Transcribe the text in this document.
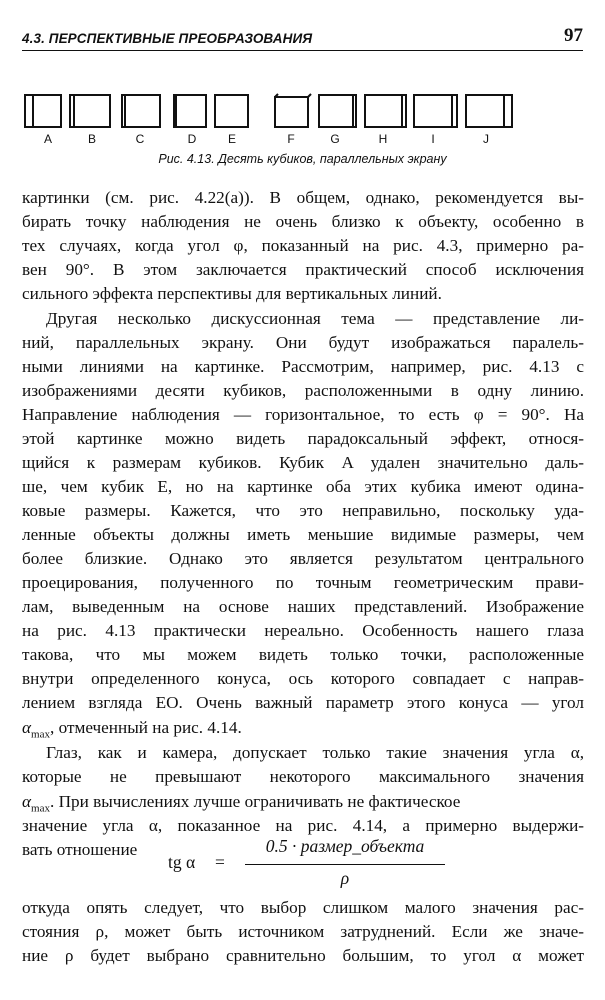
4.3. ПЕРСПЕКТИВНЫЕ ПРЕОБРАЗОВАНИЯ	97
A	B	C	D	E	F	G	H	I	J
Рис. 4.13. Десять кубиков, параллельных экрану
картинки (см. рис. 4.22(a)). В общем, однако, рекомендуется вы-
бирать точку наблюдения не очень близко к объекту, особенно в
тех случаях, когда угол φ, показанный на рис. 4.3, примерно ра-
вен 90°. В этом заключается практический способ исключения
сильного эффекта перспективы для вертикальных линий.
Другая несколько дискуссионная тема — представление ли-
ний, параллельных экрану. Они будут изображаться паралель-
ными линиями на картинке. Рассмотрим, например, рис. 4.13 с
изображениями десяти кубиков, расположенными в одну линию.
Направление наблюдения — горизонтальное, то есть φ = 90°. На
этой картинке можно видеть парадоксальный эффект, относя-
щийся к размерам кубиков. Кубик A удален значительно даль-
ше, чем кубик E, но на картинке оба этих кубика имеют одина-
ковые размеры. Кажется, что это неправильно, поскольку уда-
ленные объекты должны иметь меньшие видимые размеры, чем
более близкие. Однако это является результатом центрального
проецирования, полученного по точным геометрическим прави-
лам, выведенным на основе наших представлений. Изображение
на рис. 4.13 практически нереально. Особенность нашего глаза
такова, что мы можем видеть только точки, расположенные
внутри определенного конуса, ось которого совпадает с направ-
лением взгляда EO. Очень важный параметр этого конуса — угол
$\alpha_{max}$, отмеченный на рис. 4.14.
Глаз, как и камера, допускает только такие значения угла α,
которые не превышают некоторого максимального значения
$\alpha_{max}$. При вычислениях лучше ограничивать не фактическое
значение угла α, показанное на рис. 4.14, а примерно выдержи-
вать отношение
откуда опять следует, что выбор слишком малого значения рас-
стояния ρ, может быть источником затруднений. Если же значе-
ние ρ будет выбрано сравнительно большим, то угол α может
tg α =
0.5 · размер_объекта
ρ
